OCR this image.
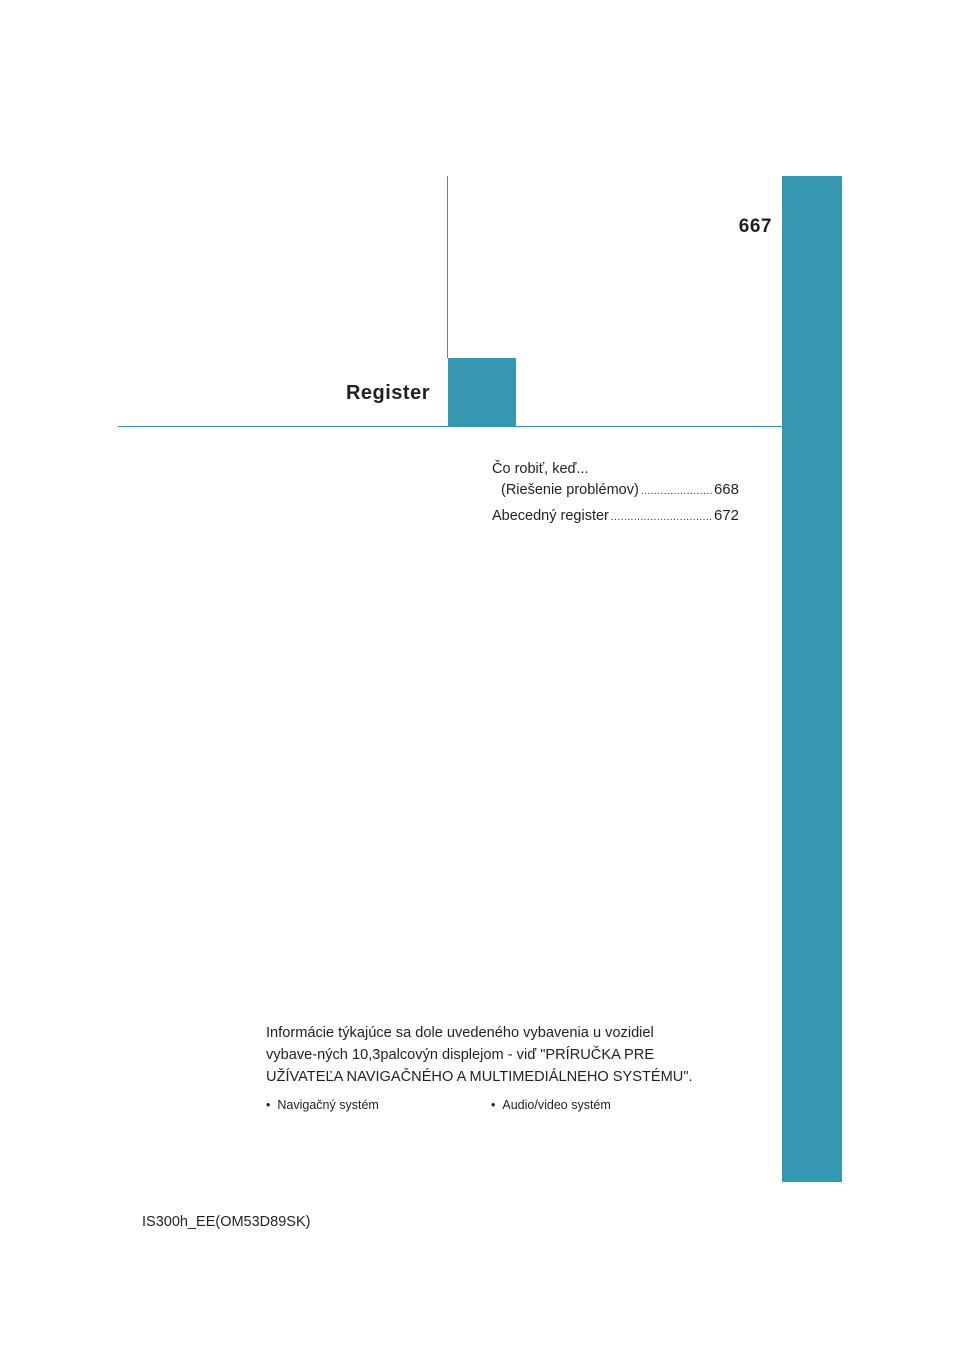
667
Register
Čo robiť, keď...
(Riešenie problémov) .....	668
Abecedný register .....	672
Informácie týkajúce sa dole uvedeného vybavenia u vozidiel vybave-ných 10,3palcovýn displejom - viď "PRÍRUČKA PRE UŽÍVATEĽA NAVIGAČNÉHO A MULTIMEDIÁLNEHO SYSTÉMU".
• Navigačný systém	• Audio/video systém
IS300h_EE(OM53D89SK)
